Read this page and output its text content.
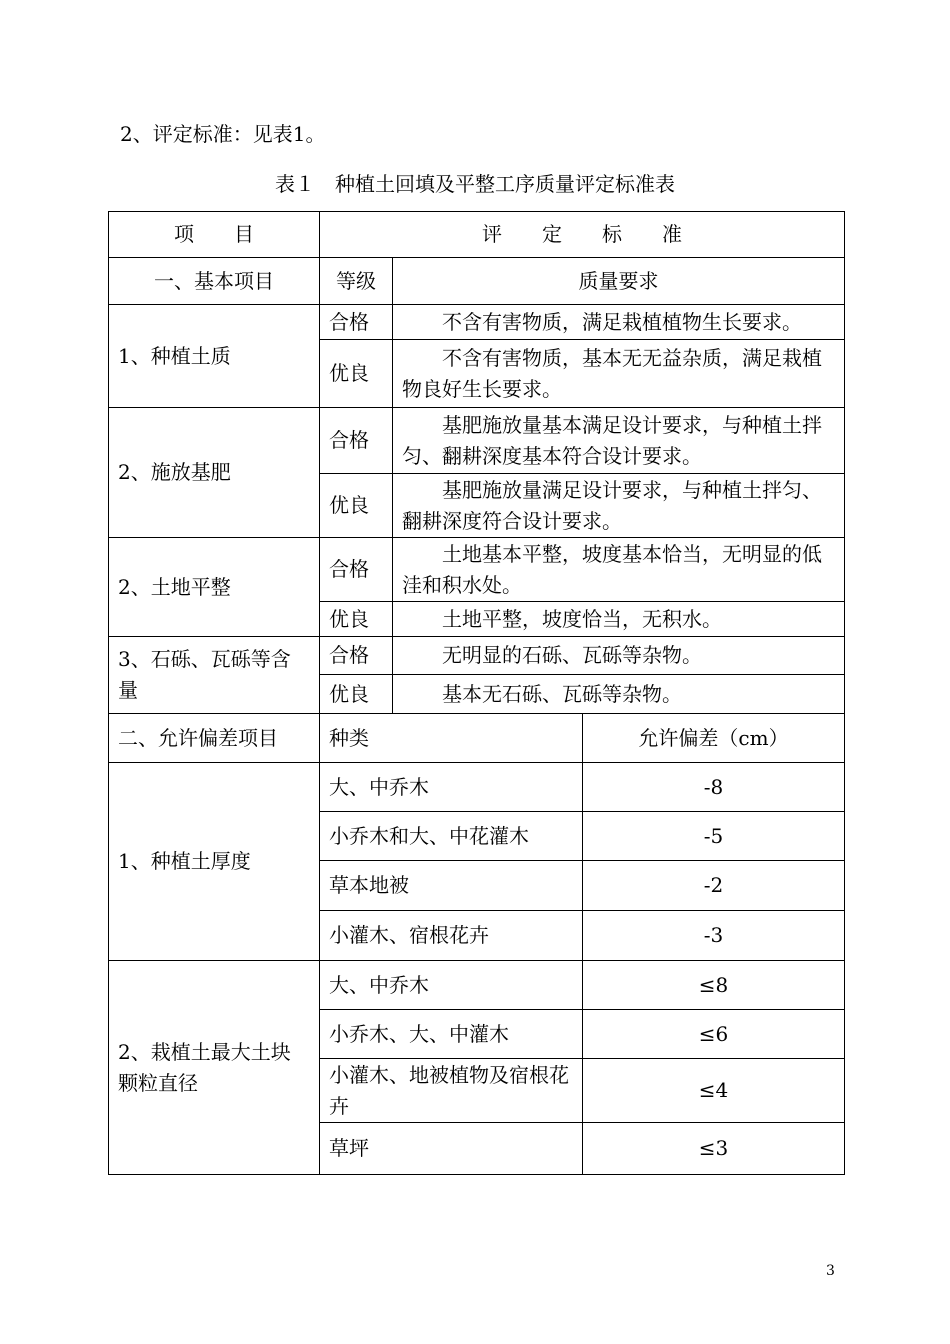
2、评定标准：见表1。
表１　种植土回填及平整工序质量评定标准表
项　　目	评　　定　　标　　准		
一、基本项目	等级	质量要求	
1、种植土质	合格	不含有害物质，满足栽植植物生长要求。	
	优良	不含有害物质，基本无无益杂质，满足栽植物良好生长要求。	
2、施放基肥	合格	基肥施放量基本满足设计要求，与种植土拌匀、翻耕深度基本符合设计要求。	
	优良	基肥施放量满足设计要求，与种植土拌匀、翻耕深度符合设计要求。	
2、土地平整	合格	土地基本平整，坡度基本恰当，无明显的低洼和积水处。	
	优良	土地平整，坡度恰当，无积水。	
3、石砾、瓦砾等含量	合格	无明显的石砾、瓦砾等杂物。	
	优良	基本无石砾、瓦砾等杂物。	
二、允许偏差项目	种类		允许偏差（cm）
1、种植土厚度	大、中乔木		-8
	小乔木和大、中花灌木		-5
	草本地被		-2
	小灌木、宿根花卉		-3
2、栽植土最大土块颗粒直径	大、中乔木		≤8
	小乔木、大、中灌木		≤6
	小灌木、地被植物及宿根花卉		≤4
	草坪		≤3
3
